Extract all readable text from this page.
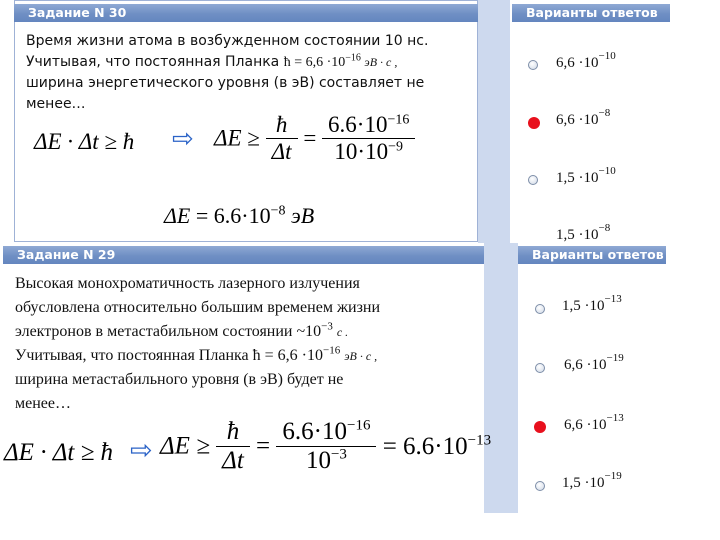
Задание N 30
Время жизни атома в возбужденном состоянии 10 нс.
Учитывая, что постоянная Планка ħ = $6,6 \cdot 10^{-16}$ эВ · с ,
ширина энергетического уровня (в эВ) составляет не
менее…
ΔE · Δt ≥ ħ ⇨ $\Delta E \ge \frac{ħ}{\Delta t} = \frac{6.6\cdot 10^{-16}}{10\cdot 10^{-9}}$
$\Delta E = 6.6\cdot 10^{-8}$ эВ
Варианты ответов
$6,6 \cdot 10^{-10}$
$6,6 \cdot 10^{-8}$
$1,5 \cdot 10^{-10}$
$1,5 \cdot 10^{-8}$
Задание N 29
Высокая монохроматичность лазерного излучения
обусловлена относительно большим временем жизни
электронов в метастабильном состоянии $\sim 10^{-3}$ с .
Учитывая, что постоянная Планка ħ = $6,6 \cdot 10^{-16}$ эВ · с ,
ширина метастабильного уровня (в эВ) будет не
менее…
ΔE · Δt ≥ ħ ⇨ $\Delta E \ge \frac{ħ}{\Delta t} = \frac{6.6\cdot 10^{-16}}{10^{-3}} = 6.6\cdot 10^{-13}$
Варианты ответов
$1,5 \cdot 10^{-13}$
$6,6 \cdot 10^{-19}$
$6,6 \cdot 10^{-13}$
$1,5 \cdot 10^{-19}$
